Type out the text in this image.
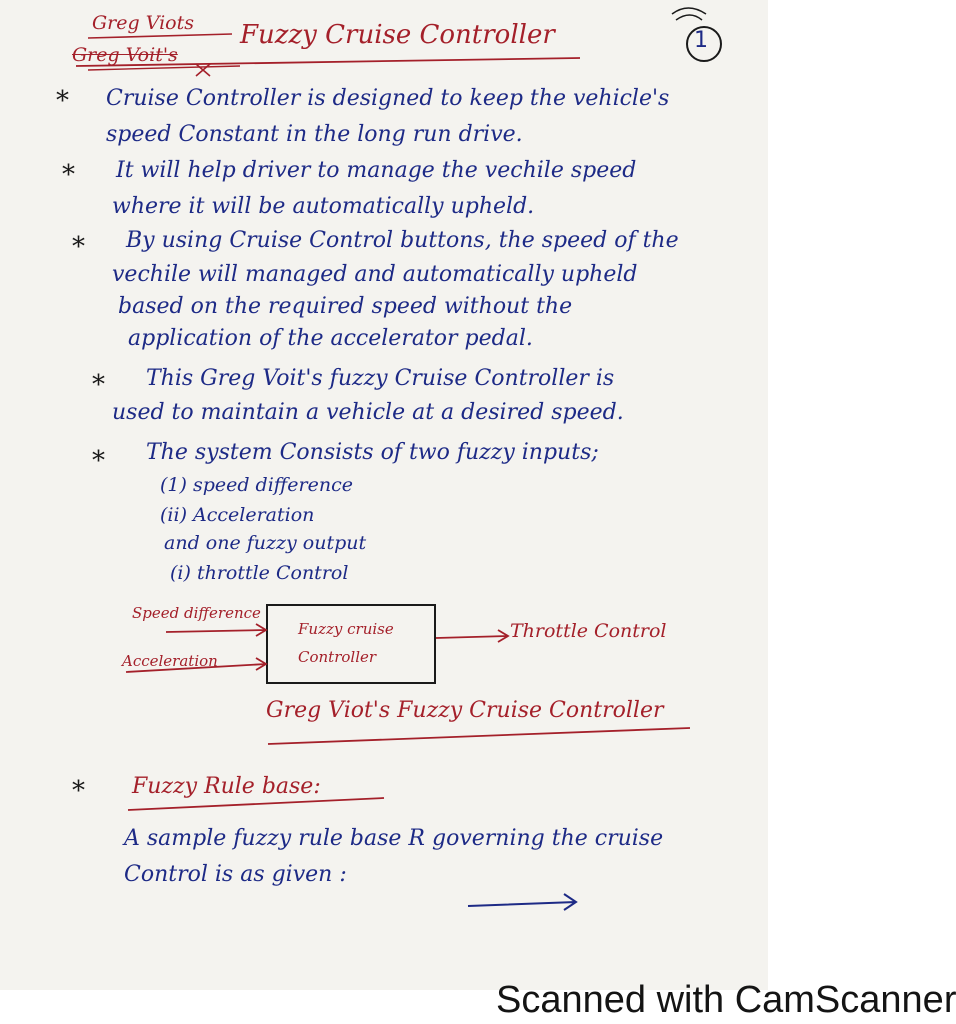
Greg Viots
Greg Voit's
Fuzzy Cruise Controller	1
* Cruise Controller is designed to keep the vehicle's
speed Constant in the long run drive.
* It will help driver to manage the vechile speed
where it will be automatically upheld.
* By using Cruise Control buttons, the speed of the
vechile will managed and automatically upheld
based on the required speed without the
application of the accelerator pedal.
* This Greg Voit's fuzzy Cruise Controller is
used to maintain a vehicle at a desired speed.
* The system Consists of two fuzzy inputs;
(1) speed difference
(ii) Acceleration
and one fuzzy output
(i) throttle Control
Speed difference
Acceleration
Fuzzy cruise
Controller
Throttle Control
Greg Viot's Fuzzy Cruise Controller
* Fuzzy Rule base:
A sample fuzzy rule base R governing the cruise
Control is as given :
Scanned with CamScanner
